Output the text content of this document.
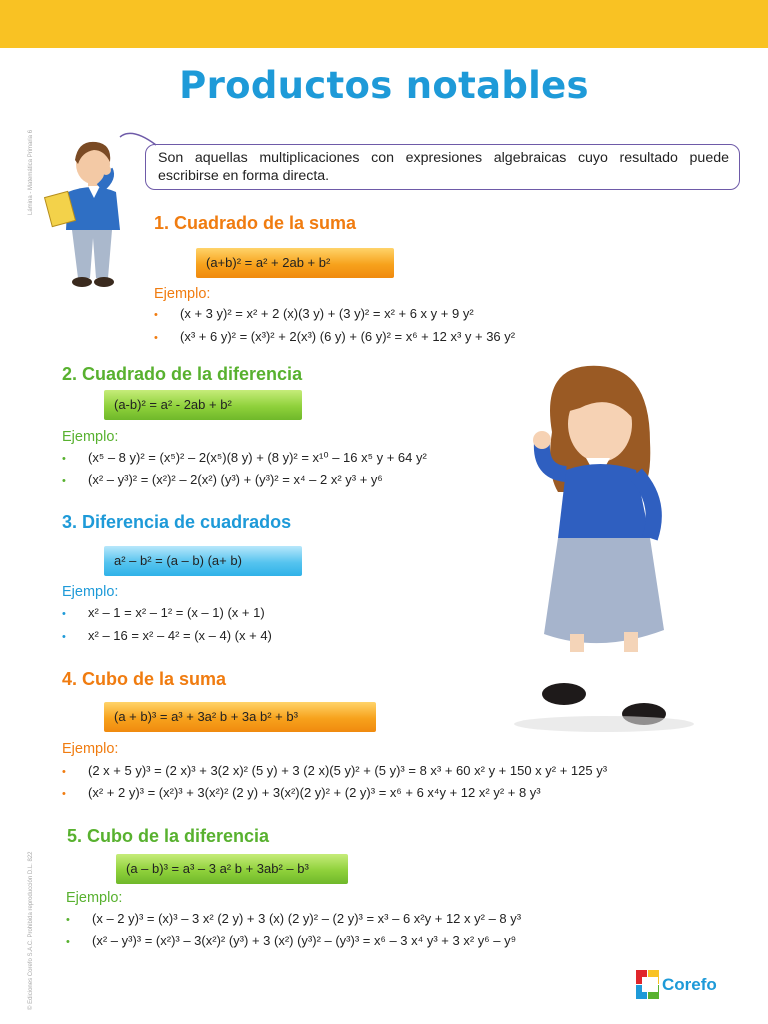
Lámina - Matemática Primaria 6
© Ediciones Corefo S.A.C. Prohibida reproducción D.L. 822
Productos notables
Son aquellas multiplicaciones con expresiones algebraicas cuyo resultado puede escribirse en forma directa.
1. Cuadrado de la suma
(a+b)² = a² + 2ab + b²
Ejemplo:
• (x + 3 y)² = x² + 2 (x)(3 y) + (3 y)² = x² + 6 x y + 9 y²
• (x³ + 6 y)² = (x³)² + 2(x³) (6 y) + (6 y)² = x⁶ + 12 x³ y + 36 y²
2. Cuadrado de la diferencia
(a-b)² = a² - 2ab + b²
Ejemplo:
• (x⁵ – 8 y)² = (x⁵)² – 2(x⁵)(8 y) + (8 y)² = x¹⁰ – 16 x⁵ y + 64 y²
• (x² – y³)² = (x²)² – 2(x²) (y³) + (y³)² = x⁴ – 2 x² y³ + y⁶
3. Diferencia de cuadrados
a² – b² = (a – b) (a+ b)
Ejemplo:
• x² – 1 = x² – 1² = (x – 1) (x + 1)
• x² – 16 = x² – 4² = (x – 4) (x + 4)
4. Cubo de la suma
(a + b)³ = a³ + 3a² b + 3a b² + b³
Ejemplo:
• (2 x + 5 y)³ = (2 x)³ + 3(2 x)² (5 y) + 3 (2 x)(5 y)² + (5 y)³ = 8 x³ + 60 x² y + 150 x y² + 125 y³
• (x² + 2 y)³ = (x²)³ + 3(x²)² (2 y) + 3(x²)(2 y)² + (2 y)³ = x⁶ + 6 x⁴y + 12 x² y² + 8 y³
5. Cubo de la diferencia
(a – b)³ = a³ – 3 a² b + 3ab² – b³
Ejemplo:
• (x – 2 y)³ = (x)³ – 3 x² (2 y) + 3 (x) (2 y)² – (2 y)³ = x³ – 6 x²y + 12 x y² – 8 y³
• (x² – y³)³ = (x²)³ – 3(x²)² (y³) + 3 (x²) (y³)² – (y³)³ = x⁶ – 3 x⁴ y³ + 3 x² y⁶ – y⁹
Corefo
